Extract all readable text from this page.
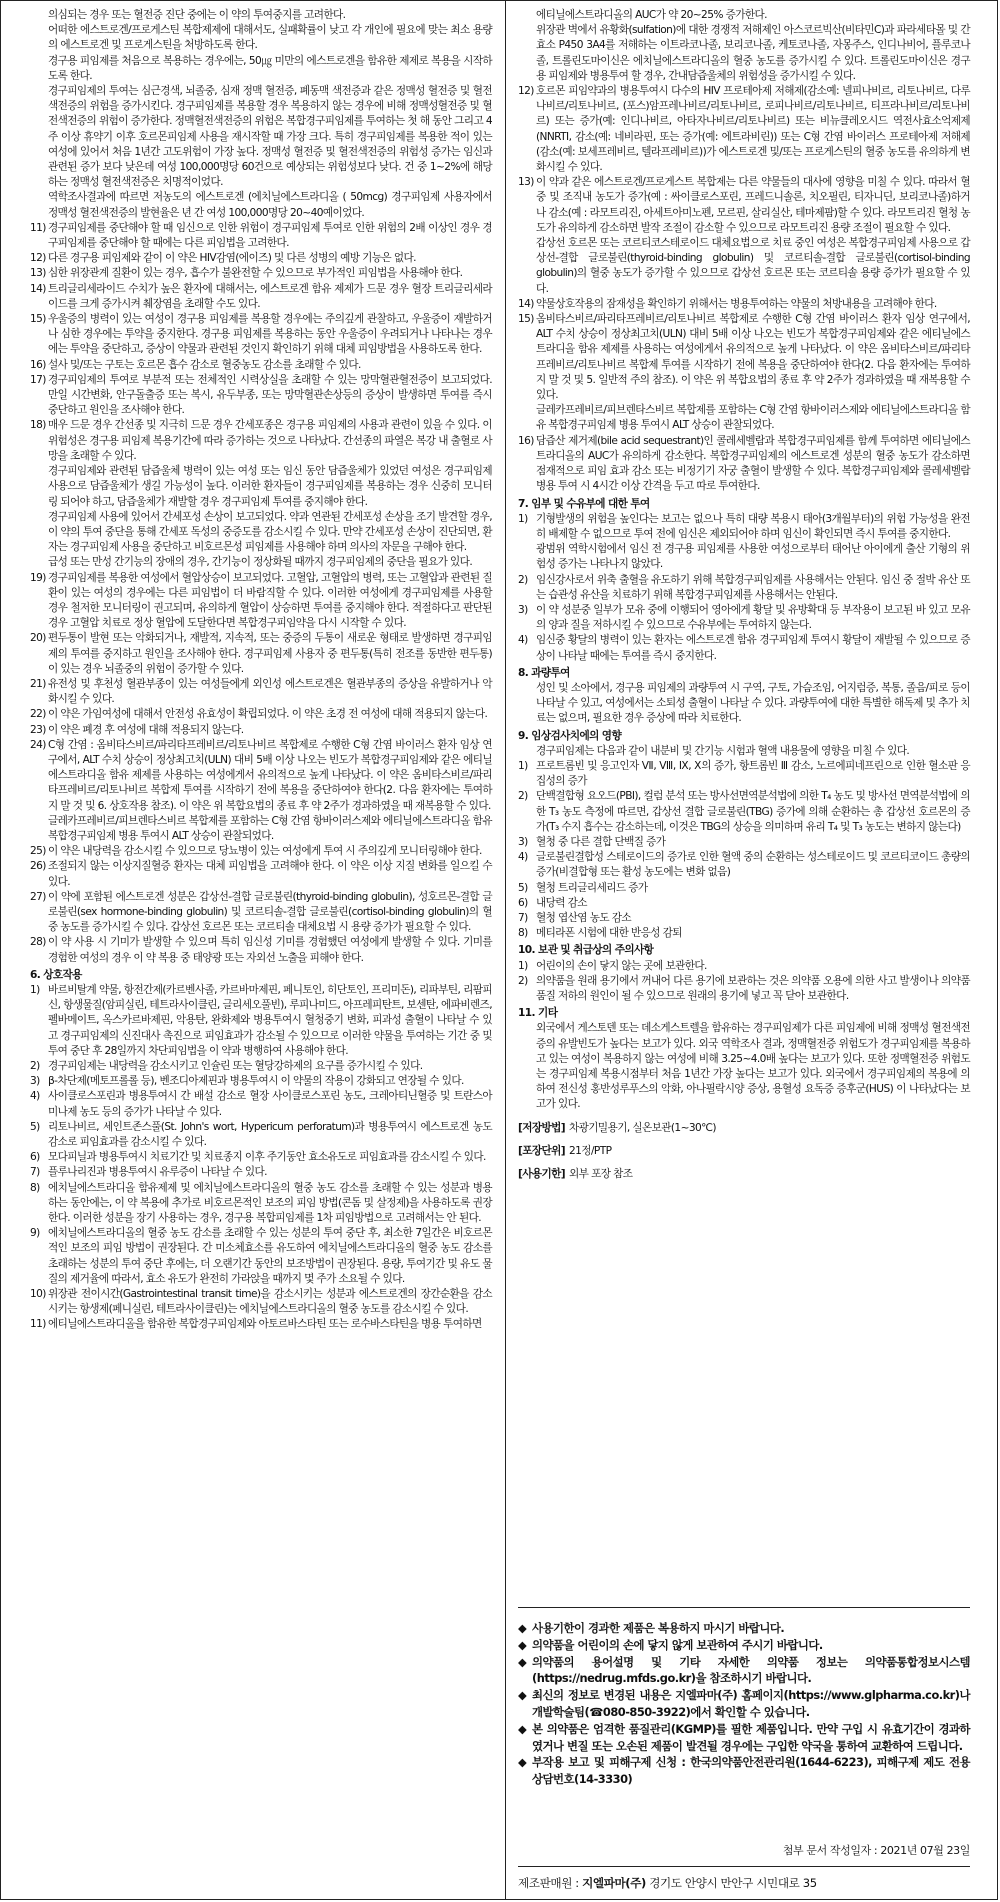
의심되는 경우 또는 혈전증 진단 중에는 이 약의 투여중지를 고려한다.
어떠한 에스트로겐/프로게스틴 복합제제에 대해서도, 실패확률이 낮고 각 개인에 필요에 맞는 최소 용량의 에스트로겐 및 프로게스틴을 처방하도록 한다.
경구용 피임제를 처음으로 복용하는 경우에는, 50㎍ 미만의 에스트로겐을 함유한 제제로 복용을 시작하도록 한다.
경구피임제의 투여는 심근경색, 뇌졸중, 심재 정맥 혈전증, 폐동맥 색전증과 같은 정맥성 혈전증 및 혈전색전증의 위험을 증가시킨다. 경구피임제를 복용할 경우 복용하지 않는 경우에 비해 정맥성혈전증 및 혈전색전증의 위험이 증가한다. 정맥혈전색전증의 위험은 복합경구피임제를 투여하는 첫 해 동안 그리고 4주 이상 휴약기 이후 호르몬피임제 사용을 재시작할 때 가장 크다. 특히 경구피임제를 복용한 적이 있는 여성에 있어서 처음 1년간 고도위험이 가장 높다. 정맥성 혈전증 및 혈전색전증의 위험성 증가는 임신과 관련된 증가 보다 낮은데 여성 100,000명당 60건으로 예상되는 위험성보다 낮다. 건 중 1~2%에 해당하는 정맥성 혈전색전증은 치명적이었다.
역학조사결과에 따르면 저농도의 에스트로겐 (에치닐에스트라디올 ( 50mcg) 경구피임제 사용자에서 정맥성 혈전색전증의 발현율은 년 간 여성 100,000명당 20~40예이었다.
11) 경구피임제를 중단해야 할 때 임신으로 인한 위험이 경구피임제 투여로 인한 위험의 2배 이상인 경우 경구피임제를 중단해야 할 때에는 다른 피임법을 고려한다.
12) 다른 경구용 피임제와 같이 이 약은 HIV감염(에이즈) 및 다른 성병의 예방 기능은 없다.
13) 심한 위장관계 질환이 있는 경우, 흡수가 불완전할 수 있으므로 부가적인 피임법을 사용해야 한다.
14) 트리글리세라이드 수치가 높은 환자에 대해서는, 에스트로겐 함유 제제가 드문 경우 혈장 트리글리세라이드를 크게 증가시켜 췌장염을 초래할 수도 있다.
15) 우울증의 병력이 있는 여성이 경구용 피임제를 복용할 경우에는 주의깊게 관찰하고, 우울증이 재발하거나 심한 경우에는 투약을 중지한다. 경구용 피임제를 복용하는 동안 우울증이 우려되거나 나타나는 경우에는 투약을 중단하고, 증상이 약물과 관련된 것인지 확인하기 위해 대체 피임방법을 사용하도록 한다.
16) 설사 및/또는 구토는 호르몬 흡수 감소로 혈중농도 감소를 초래할 수 있다.
17) 경구피임제의 투여로 부분적 또는 전체적인 시력상실을 초래할 수 있는 망막혈관혈전증이 보고되었다. 만일 시간변화, 안구돌출증 또는 복시, 유두부종, 또는 망막혈관손상등의 증상이 발생하면 투여를 즉시 중단하고 원인을 조사해야 한다.
18) 매우 드문 경우 간선종 및 지극히 드문 경우 간세포종은 경구용 피임제의 사용과 관련이 있을 수 있다. 이 위험성은 경구용 피임제 복용기간에 따라 증가하는 것으로 나타났다. 간선종의 파열은 복강 내 출혈로 사망을 초래할 수 있다.
경구피임제와 관련된 담즙울체 병력이 있는 여성 또는 임신 동안 담즙울체가 있었던 여성은 경구피임제 사용으로 담즙울체가 생길 가능성이 높다. 이러한 환자들이 경구피임제를 복용하는 경우 신중히 모니터링 되어야 하고, 담즙울체가 재발할 경우 경구피임제 투여를 중지해야 한다.
경구피임제 사용에 있어서 간세포성 손상이 보고되었다. 약과 연관된 간세포성 손상을 조기 발견할 경우, 이 약의 투여 중단을 통해 간세포 독성의 중증도를 감소시킬 수 있다. 만약 간세포성 손상이 진단되면, 환자는 경구피임제 사용을 중단하고 비호르몬성 피임제를 사용해야 하며 의사의 자문을 구해야 한다.
급성 또는 만성 간기능의 장애의 경우, 간기능이 정상화될 때까지 경구피임제의 중단을 필요가 있다.
19) 경구피임제를 복용한 여성에서 혈압상승이 보고되었다. 고혈압, 고혈압의 병력, 또는 고혈압과 관련된 질환이 있는 여성의 경우에는 다른 피임법이 더 바람직할 수 있다. 이러한 여성에게 경구피임제를 사용할 경우 철저한 모니터링이 권고되며, 유의하게 혈압이 상승하면 투여를 중지해야 한다. 적절하다고 판단된 경우 고혈압 치료로 정상 혈압에 도달한다면 복합경구피임약을 다시 시작할 수 있다.
20) 편두통이 발현 또는 악화되거나, 재발적, 지속적, 또는 중증의 두통이 새로운 형태로 발생하면 경구피임제의 투여를 중지하고 원인을 조사해야 한다. 경구피임제 사용자 중 편두통(특히 전조를 동반한 편두통)이 있는 경우 뇌졸중의 위험이 증가할 수 있다.
21) 유전성 및 후천성 혈관부종이 있는 여성들에게 외인성 에스트로겐은 혈관부종의 증상을 유발하거나 악화시킬 수 있다.
22) 이 약은 가임여성에 대해서 안전성 유효성이 확립되었다. 이 약은 초경 전 여성에 대해 적용되지 않는다.
23) 이 약은 폐경 후 여성에 대해 적용되지 않는다.
24) C형 간염 : 옴비타스비르/파리타프레비르/리토나비르 복합제로 수행한 C형 간염 바이러스 환자 임상 연구에서, ALT 수치 상승이 정상최고치(ULN) 대비 5배 이상 나오는 빈도가 복합경구피임제와 같은 에티닐에스트라디올 함유 제제를 사용하는 여성에게서 유의적으로 높게 나타났다. 이 약은 옴비타스비르/파리타프레비르/리토나비르 복합제 투여를 시작하기 전에 복용을 중단하여야 한다(2. 다음 환자에는 투여하지 말 것 및 6. 상호작용 참조). 이 약은 위 복합요법의 종료 후 약 2주가 경과하였을 때 재복용할 수 있다.
글레카프레비르/피브렌타스비르 복합제를 포함하는 C형 간염 항바이러스제와 에티닐에스트라디올 함유 복합경구피임제 병용 투여시 ALT 상승이 관찰되었다.
25) 이 약은 내당력을 감소시킬 수 있으므로 당뇨병이 있는 여성에게 투여 시 주의깊게 모니터링해야 한다.
26) 조절되지 않는 이상지질혈증 환자는 대체 피임법을 고려해야 한다. 이 약은 이상 지질 변화를 일으킬 수 있다.
27) 이 약에 포함된 에스트로겐 성분은 갑상선-결합 글로불린(thyroid-binding globulin), 성호르몬-결합 글로불린(sex hormone-binding globulin) 및 코르티솔-결합 글로불린(cortisol-binding globulin)의 혈중 농도를 증가시킬 수 있다. 갑상선 호르몬 또는 코르티솔 대체요법 시 용량 증가가 필요할 수 있다.
28) 이 약 사용 시 기미가 발생할 수 있으며 특히 임신성 기미를 경험했던 여성에게 발생할 수 있다. 기미를 경험한 여성의 경우 이 약 복용 중 태양광 또는 자외선 노출을 피해야 한다.
6. 상호작용
1) 바르비탈계 약물, 항전간제(카르벤사졸, 카르바마제핀, 페니토인, 히단토인, 프리미돈), 리파부틴, 리팜피신, 항생물질(암피실린, 테트라사이클린, 글리세오풀빈), 루피나미드, 아프레피탄트, 보센탄, 에파비렌즈, 펠바메이트, 옥스카르바제핀, 악용탄, 완화제와 병용투여시 혈청중기 변화, 피과성 출혈이 나타날 수 있고 경구피임제의 신진대사 촉진으로 피임효과가 감소될 수 있으므로 이러한 약물을 투여하는 기간 중 및 투여 중단 후 28일까지 차단피임법을 이 약과 병행하여 사용해야 한다.
2) 경구피임제는 내당력을 감소시키고 인슐린 또는 혈당강하제의 요구를 증가시킬 수 있다.
3) β-차단제(메토프롤롤 등), 벤조디아제핀과 병용투여시 이 약물의 작용이 강화되고 연장될 수 있다.
4) 사이클로스포린과 병용투여시 간 배설 감소로 혈장 사이클로스포린 농도, 크레아티닌혈증 및 트란스아미나제 농도 등의 증가가 나타날 수 있다.
5) 리토나비르, 세인트존스풀(St. John's wort, Hypericum perforatum)과 병용투여시 에스트로겐 농도 감소로 피임효과를 감소시킬 수 있다.
6) 모다피닐과 병용투여시 치료기간 및 치료종지 이후 주기동안 효소유도로 피임효과를 감소시킬 수 있다.
7) 플루나리진과 병용투여시 유루증이 나타날 수 있다.
8) 에치닐에스트라디올 함유제제 및 에치닐에스트라디올의 혈중 농도 감소를 초래할 수 있는 성분과 병용하는 동안에는, 이 약 복용에 추가로 비호르몬적인 보조의 피임 방법(콘돔 및 살정제)을 사용하도록 권장한다. 이러한 성분을 장기 사용하는 경우, 경구용 복합피임제를 1차 피임방법으로 고려해서는 안 된다.
9) 에치닐에스트라디올의 혈중 농도 감소를 초래할 수 있는 성분의 투여 중단 후, 최소한 7일간은 비호르몬적인 보조의 피임 방법이 권장된다. 간 미소체효소를 유도하여 에치닐에스트라디올의 혈중 농도 감소를 초래하는 성분의 투여 중단 후에는, 더 오랜기간 동안의 보조방법이 권장된다. 용량, 투여기간 및 유도 물질의 제거율에 따라서, 효소 유도가 완전히 가라앉을 때까지 몇 주가 소요될 수 있다.
10) 위장관 전이시간(Gastrointestinal transit time)을 감소시키는 성분과 에스트로겐의 장간순환을 감소시키는 항생제(페니실린, 테트라사이클린)는 에치닐에스트라디올의 혈중 농도를 감소시킬 수 있다.
11) 에티닐에스트라디올을 함유한 복합경구피임제와 아토르바스타틴 또는 로수바스타틴을 병용 투여하면
에티닐에스트라디올의 AUC가 약 20~25% 증가한다.
위장관 벽에서 유황화(sulfation)에 대한 경쟁적 저해제인 아스코르빅산(비타민C)과 파라세타몰 및 간 효소 P450 3A4를 저해하는 이트라코나졸, 보리코나졸, 케토코나졸, 자몽주스, 인디나비어, 플루코나졸, 트롤린도마이신은 에치닐에스트라디올의 혈중 농도를 증가시킬 수 있다. 트롤린도마이신은 경구용 피임제와 병용투여 할 경우, 간내담즙울체의 위험성을 증가시킬 수 있다.
12) 호르몬 피임약과의 병용투여시 다수의 HIV 프로테아제 저해제(감소예: 넬피나비르, 리토나비르, 다루나비르/리토나비르, (포스)암프레나비르/리토나비르, 로피나비르/리토나비르, 티프라나비르/리토나비르) 또는 증가(예: 인디나비르, 아타자나비르/리토나비르) 또는 비뉴클레오시드 역전사효소억제제(NNRTI, 감소(예: 네비라핀, 또는 증가(예: 에트라비린)) 또는 C형 간염 바이러스 프로테아제 저해제(감소(예: 보세프레비르, 텔라프레비르))가 에스트로겐 및/또는 프로게스틴의 혈중 농도를 유의하게 변화시킬 수 있다.
13) 이 약과 같은 에스트로겐/프로게스트 복합제는 다른 약물들의 대사에 영향을 미칠 수 있다. 따라서 혈중 및 조직내 농도가 증가(예 : 싸이클로스포린, 프레드니솔론, 치오필린, 티자니딘, 보리코나졸)하거나 감소(예 : 라모트리진, 아세트아미노펜, 모르핀, 살리실산, 테마제팜)할 수 있다. 라모트리진 혈청 농도가 유의하게 감소하면 발작 조절이 감소할 수 있으므로 라모트리진 용량 조절이 필요할 수 있다.
갑상선 호르몬 또는 코르티코스테로이드 대체요법으로 치료 중인 여성은 복합경구피임제 사용으로 갑상선-결합 글로불린(thyroid-binding globulin) 및 코르티솔-결합 글로불린(cortisol-binding globulin)의 혈중 농도가 증가할 수 있으므로 갑상선 호르몬 또는 코르티솔 용량 증가가 필요할 수 있다.
14) 약물상호작용의 잠재성을 확인하기 위해서는 병용투여하는 약물의 처방내용을 고려해야 한다.
15) 옴비타스비르/파리타프레비르/리토나비르 복합제로 수행한 C형 간염 바이러스 환자 임상 연구에서, ALT 수치 상승이 정상최고치(ULN) 대비 5배 이상 나오는 빈도가 복합경구피임제와 같은 에티닐에스트라디올 함유 제제를 사용하는 여성에게서 유의적으로 높게 나타났다. 이 약은 옴비타스비르/파리타프레비르/리토나비르 복합제 투여를 시작하기 전에 복용을 중단하여야 한다(2. 다음 환자에는 투여하지 말 것 및 5. 일반적 주의 참조). 이 약은 위 복합요법의 종료 후 약 2주가 경과하였을 때 재복용할 수 있다.
글레카프레비르/피브렌타스비르 복합제를 포함하는 C형 간염 항바이러스제와 에티닐에스트라디올 함유 복합경구피임제 병용 투여시 ALT 상승이 관찰되었다.
16) 담즙산 제거제(bile acid sequestrant)인 콜레세벨람과 복합경구피임제를 함께 투여하면 에티닐에스트라디올의 AUC가 유의하게 감소한다. 복합경구피임제의 에스트로겐 성분의 혈중 농도가 감소하면 점재적으로 피임 효과 감소 또는 비정기기 자궁 출혈이 발생할 수 있다. 복합경구피임제와 콜레세벨람 병용 투여 시 4시간 이상 간격을 두고 따로 투여한다.
7. 임부 및 수유부에 대한 투여
1) 기형발생의 위험을 높인다는 보고는 없으나 특히 대량 복용시 태아(3개월부터)의 위험 가능성을 완전히 배제할 수 없으므로 투여 전에 임신은 제외되어야 하며 임신이 확인되면 즉시 투여를 중지한다.
광범위 역학시험에서 임신 전 경구용 피임제를 사용한 여성으로부터 태어난 아이에게 출산 기형의 위험성 증가는 나타나지 않았다.
2) 임신강사로서 위축 출혈을 유도하기 위해 복합경구피임제를 사용해서는 안된다. 임신 중 절박 유산 또는 습관성 유산을 치료하기 위해 복합경구피임제를 사용해서는 안된다.
3) 이 약 성분중 일부가 모유 중에 이행되어 영아에게 황달 및 유방확대 등 부작용이 보고된 바 있고 모유의 양과 질을 저하시킬 수 있으므로 수유부에는 투여하지 않는다.
4) 임신중 황달의 병력이 있는 환자는 에스트로겐 함유 경구피임제 투여시 황달이 재발될 수 있으므로 증상이 나타날 때에는 투여를 즉시 중지한다.
8. 과량투여
성인 및 소아에서, 경구용 피임제의 과량투여 시 구역, 구토, 가슴조임, 어지럼증, 복통, 졸음/피로 등이 나타날 수 있고, 여성에서는 소퇴성 출혈이 나타날 수 있다. 과량투여에 대한 특별한 해독제 및 추가 치료는 없으며, 필요한 경우 증상에 따라 치료한다.
9. 임상검사치에의 영향
경구피임제는 다음과 같이 내분비 및 간기능 시험과 혈액 내용물에 영향을 미칠 수 있다.
1) 프로트롬빈 및 응고인자 Ⅶ, Ⅷ, Ⅸ, Ⅹ의 증가, 항트롬빈 Ⅲ 감소, 노르에피네프린으로 인한 혈소판 응집성의 증가
2) 단백결합형 요오드(PBI), 컬럼 분석 또는 방사선면역분석법에 의한 T₄ 농도 및 방사선 면역분석법에 의한 T₃ 농도 측정에 따르면, 갑상선 결합 글로불린(TBG) 증가에 의해 순환하는 총 갑상선 호르몬의 증가(T₃ 수지 흡수는 감소하는데, 이것은 TBG의 상승을 의미하며 유리 T₄ 및 T₃ 농도는 변하지 않는다)
3) 혈청 중 다른 결합 단백질 증가
4) 글로불린결합성 스테로이드의 증가로 인한 혈액 중의 순환하는 성스테로이드 및 코르티코이드 총량의 증가(비결합형 또는 활성 농도에는 변화 없음)
5) 혈청 트리글리세리드 증가
6) 내당력 감소
7) 혈청 엽산염 농도 감소
8) 메티라폰 시험에 대한 반응성 감퇴
10. 보관 및 취급상의 주의사항
1) 어린이의 손이 닿지 않는 곳에 보관한다.
2) 의약품을 원래 용기에서 꺼내어 다른 용기에 보관하는 것은 의약품 오용에 의한 사고 발생이나 의약품 품질 저하의 원인이 될 수 있으므로 원래의 용기에 넣고 꼭 닫아 보관한다.
11. 기타
외국에서 게스토덴 또는 데소게스트렐을 함유하는 경구피임제가 다른 피임제에 비해 정맥성 혈전색전증의 유발빈도가 높다는 보고가 있다. 외국 역학조사 결과, 정맥혈전증 위험도가 경구피임제를 복용하고 있는 여성이 복용하지 않는 여성에 비해 3.25~4.0배 높다는 보고가 있다. 또한 정맥혈전증 위험도는 경구피임제 복용시점부터 처음 1년간 가장 높다는 보고가 있다. 외국에서 경구피임제의 복용에 의하여 전신성 홍반성루푸스의 악화, 아나필락시양 증상, 용혈성 요독증 증후군(HUS) 이 나타났다는 보고가 있다.
[저장방법] 차광기밀용기, 실온보관(1~30℃)
[포장단위] 21정/PTP
[사용기한] 외부 포장 참조
◆ 사용기한이 경과한 제품은 복용하지 마시기 바랍니다.
◆ 의약품을 어린이의 손에 닿지 않게 보관하여 주시기 바랍니다.
◆ 의약품의 용어설명 및 기타 자세한 의약품 정보는 의약품통합정보시스템(https://nedrug.mfds.go.kr)을 참조하시기 바랍니다.
◆ 최신의 정보로 변경된 내용은 지엘파마(주) 홈페이지(https://www.glpharma.co.kr)나 개발학술팀(☎080-850-3922)에서 확인할 수 있습니다.
◆ 본 의약품은 엄격한 품질관리(KGMP)를 필한 제품입니다. 만약 구입 시 유효기간이 경과하였거나 변질 또는 오손된 제품이 발견될 경우에는 구입한 약국을 통하여 교환하여 드립니다.
◆ 부작용 보고 및 피해구제 신청 : 한국의약품안전관리원(1644-6223), 피해구제 제도 전용 상담번호(14-3330)
첨부 문서 작성일자 : 2021년 07월 23일
제조판매원 : 지엘파마(주) 경기도 안양시 만안구 시민대로 35
